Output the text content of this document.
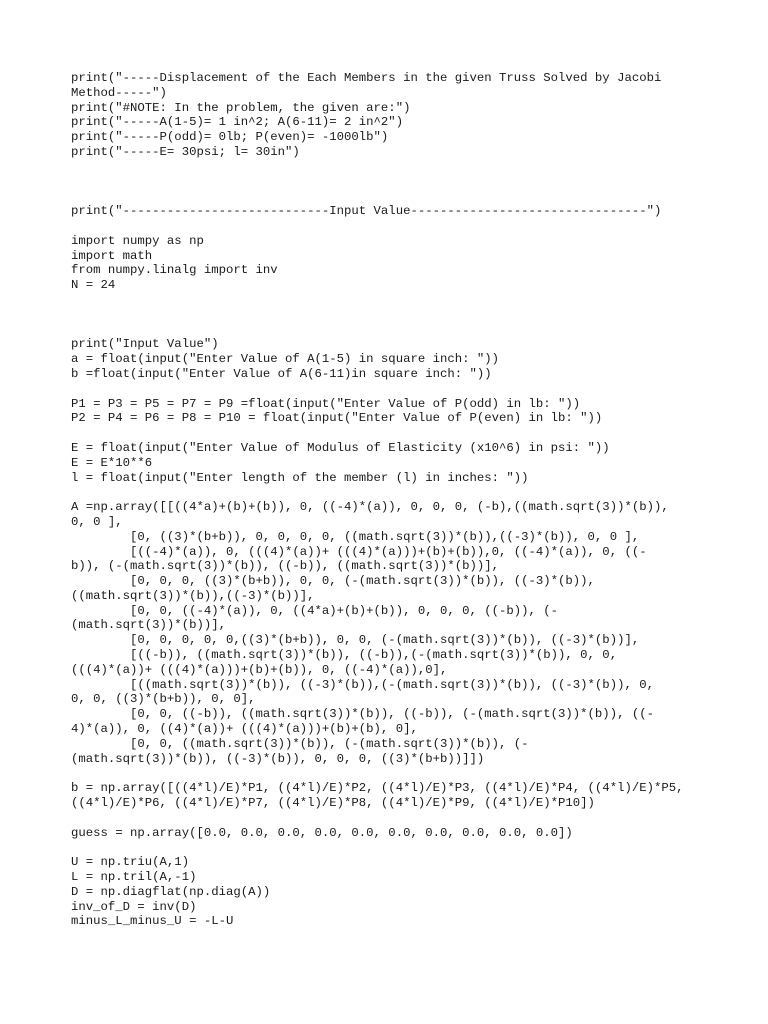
print("-----Displacement of the Each Members in the given Truss Solved by Jacobi
Method-----")
print("#NOTE: In the problem, the given are:")
print("-----A(1-5)= 1 in^2; A(6-11)= 2 in^2")
print("-----P(odd)= 0lb; P(even)= -1000lb")
print("-----E= 30psi; l= 30in")
print("----------------------------Input Value--------------------------------")
import numpy as np
import math
from numpy.linalg import inv
N = 24
print("Input Value")
a = float(input("Enter Value of A(1-5) in square inch: "))
b =float(input("Enter Value of A(6-11)in square inch: "))
P1 = P3 = P5 = P7 = P9 =float(input("Enter Value of P(odd) in lb: "))
P2 = P4 = P6 = P8 = P10 = float(input("Enter Value of P(even) in lb: "))
E = float(input("Enter Value of Modulus of Elasticity (x10^6) in psi: "))
E = E*10**6
l = float(input("Enter length of the member (l) in inches: "))
A =np.array([[((4*a)+(b)+(b)), 0, ((-4)*(a)), 0, 0, 0, (-b),((math.sqrt(3))*(b)),
0, 0 ],
[0, ((3)*(b+b)), 0, 0, 0, 0, ((math.sqrt(3))*(b)),((-3)*(b)), 0, 0 ],
[((-4)*(a)), 0, (((4)*(a))+ (((4)*(a)))+(b)+(b)),0, ((-4)*(a)), 0, ((-
b)), (-(math.sqrt(3))*(b)), ((-b)), ((math.sqrt(3))*(b))],
[0, 0, 0, ((3)*(b+b)), 0, 0, (-(math.sqrt(3))*(b)), ((-3)*(b)),
((math.sqrt(3))*(b)),((-3)*(b))],
[0, 0, ((-4)*(a)), 0, ((4*a)+(b)+(b)), 0, 0, 0, ((-b)), (-
(math.sqrt(3))*(b))],
[0, 0, 0, 0, 0,((3)*(b+b)), 0, 0, (-(math.sqrt(3))*(b)), ((-3)*(b))],
[((-b)), ((math.sqrt(3))*(b)), ((-b)),(-(math.sqrt(3))*(b)), 0, 0,
(((4)*(a))+ (((4)*(a)))+(b)+(b)), 0, ((-4)*(a)),0],
[((math.sqrt(3))*(b)), ((-3)*(b)),(-(math.sqrt(3))*(b)), ((-3)*(b)), 0,
0, 0, ((3)*(b+b)), 0, 0],
[0, 0, ((-b)), ((math.sqrt(3))*(b)), ((-b)), (-(math.sqrt(3))*(b)), ((-
4)*(a)), 0, ((4)*(a))+ (((4)*(a)))+(b)+(b), 0],
[0, 0, ((math.sqrt(3))*(b)), (-(math.sqrt(3))*(b)), (-
(math.sqrt(3))*(b)), ((-3)*(b)), 0, 0, 0, ((3)*(b+b))]])
b = np.array([((4*l)/E)*P1, ((4*l)/E)*P2, ((4*l)/E)*P3, ((4*l)/E)*P4, ((4*l)/E)*P5,
((4*l)/E)*P6, ((4*l)/E)*P7, ((4*l)/E)*P8, ((4*l)/E)*P9, ((4*l)/E)*P10])
guess = np.array([0.0, 0.0, 0.0, 0.0, 0.0, 0.0, 0.0, 0.0, 0.0, 0.0])
U = np.triu(A,1)
L = np.tril(A,-1)
D = np.diagflat(np.diag(A))
inv_of_D = inv(D)
minus_L_minus_U = -L-U
